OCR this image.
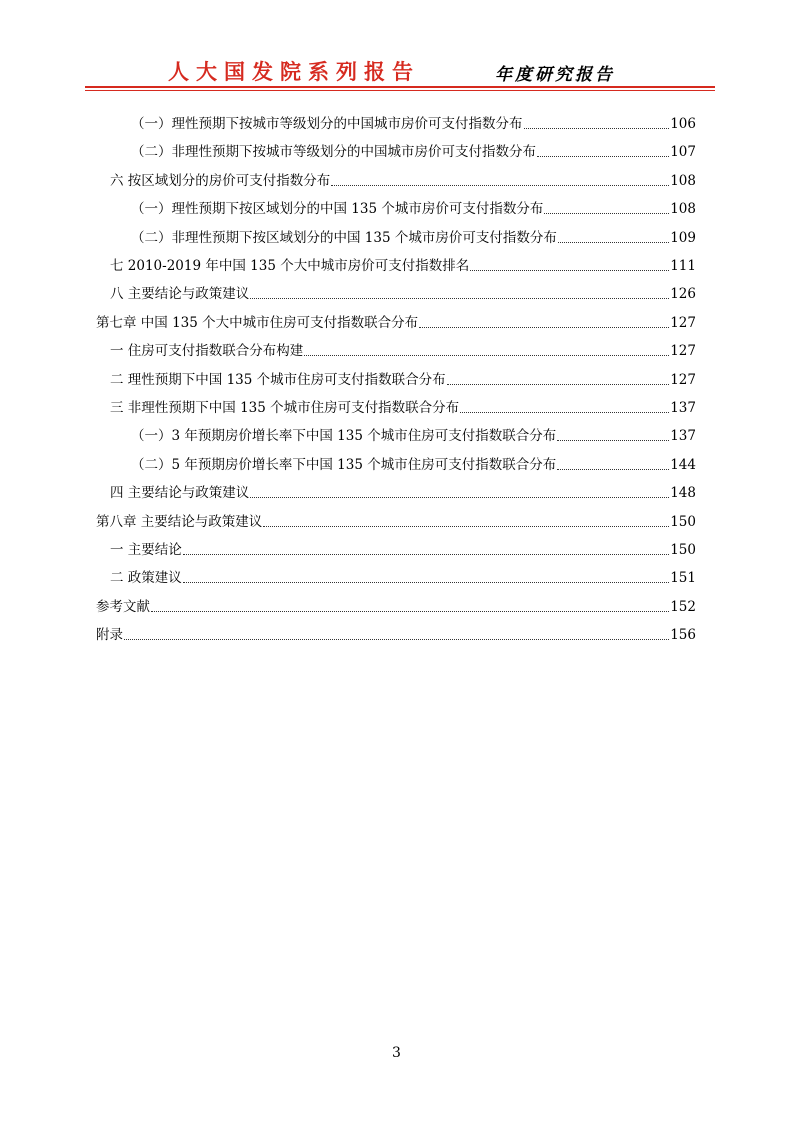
人大国发院系列报告	年度研究报告
（一）理性预期下按城市等级划分的中国城市房价可支付指数分布	106
（二）非理性预期下按城市等级划分的中国城市房价可支付指数分布	107
六 按区域划分的房价可支付指数分布	108
（一）理性预期下按区域划分的中国 135 个城市房价可支付指数分布	108
（二）非理性预期下按区域划分的中国 135 个城市房价可支付指数分布	109
七 2010-2019 年中国 135 个大中城市房价可支付指数排名	111
八 主要结论与政策建议	126
第七章 中国 135 个大中城市住房可支付指数联合分布	127
一 住房可支付指数联合分布构建	127
二 理性预期下中国 135 个城市住房可支付指数联合分布	127
三 非理性预期下中国 135 个城市住房可支付指数联合分布	137
（一）3 年预期房价增长率下中国 135 个城市住房可支付指数联合分布	137
（二）5 年预期房价增长率下中国 135 个城市住房可支付指数联合分布	144
四 主要结论与政策建议	148
第八章 主要结论与政策建议	150
一 主要结论	150
二 政策建议	151
参考文献	152
附录	156
3
